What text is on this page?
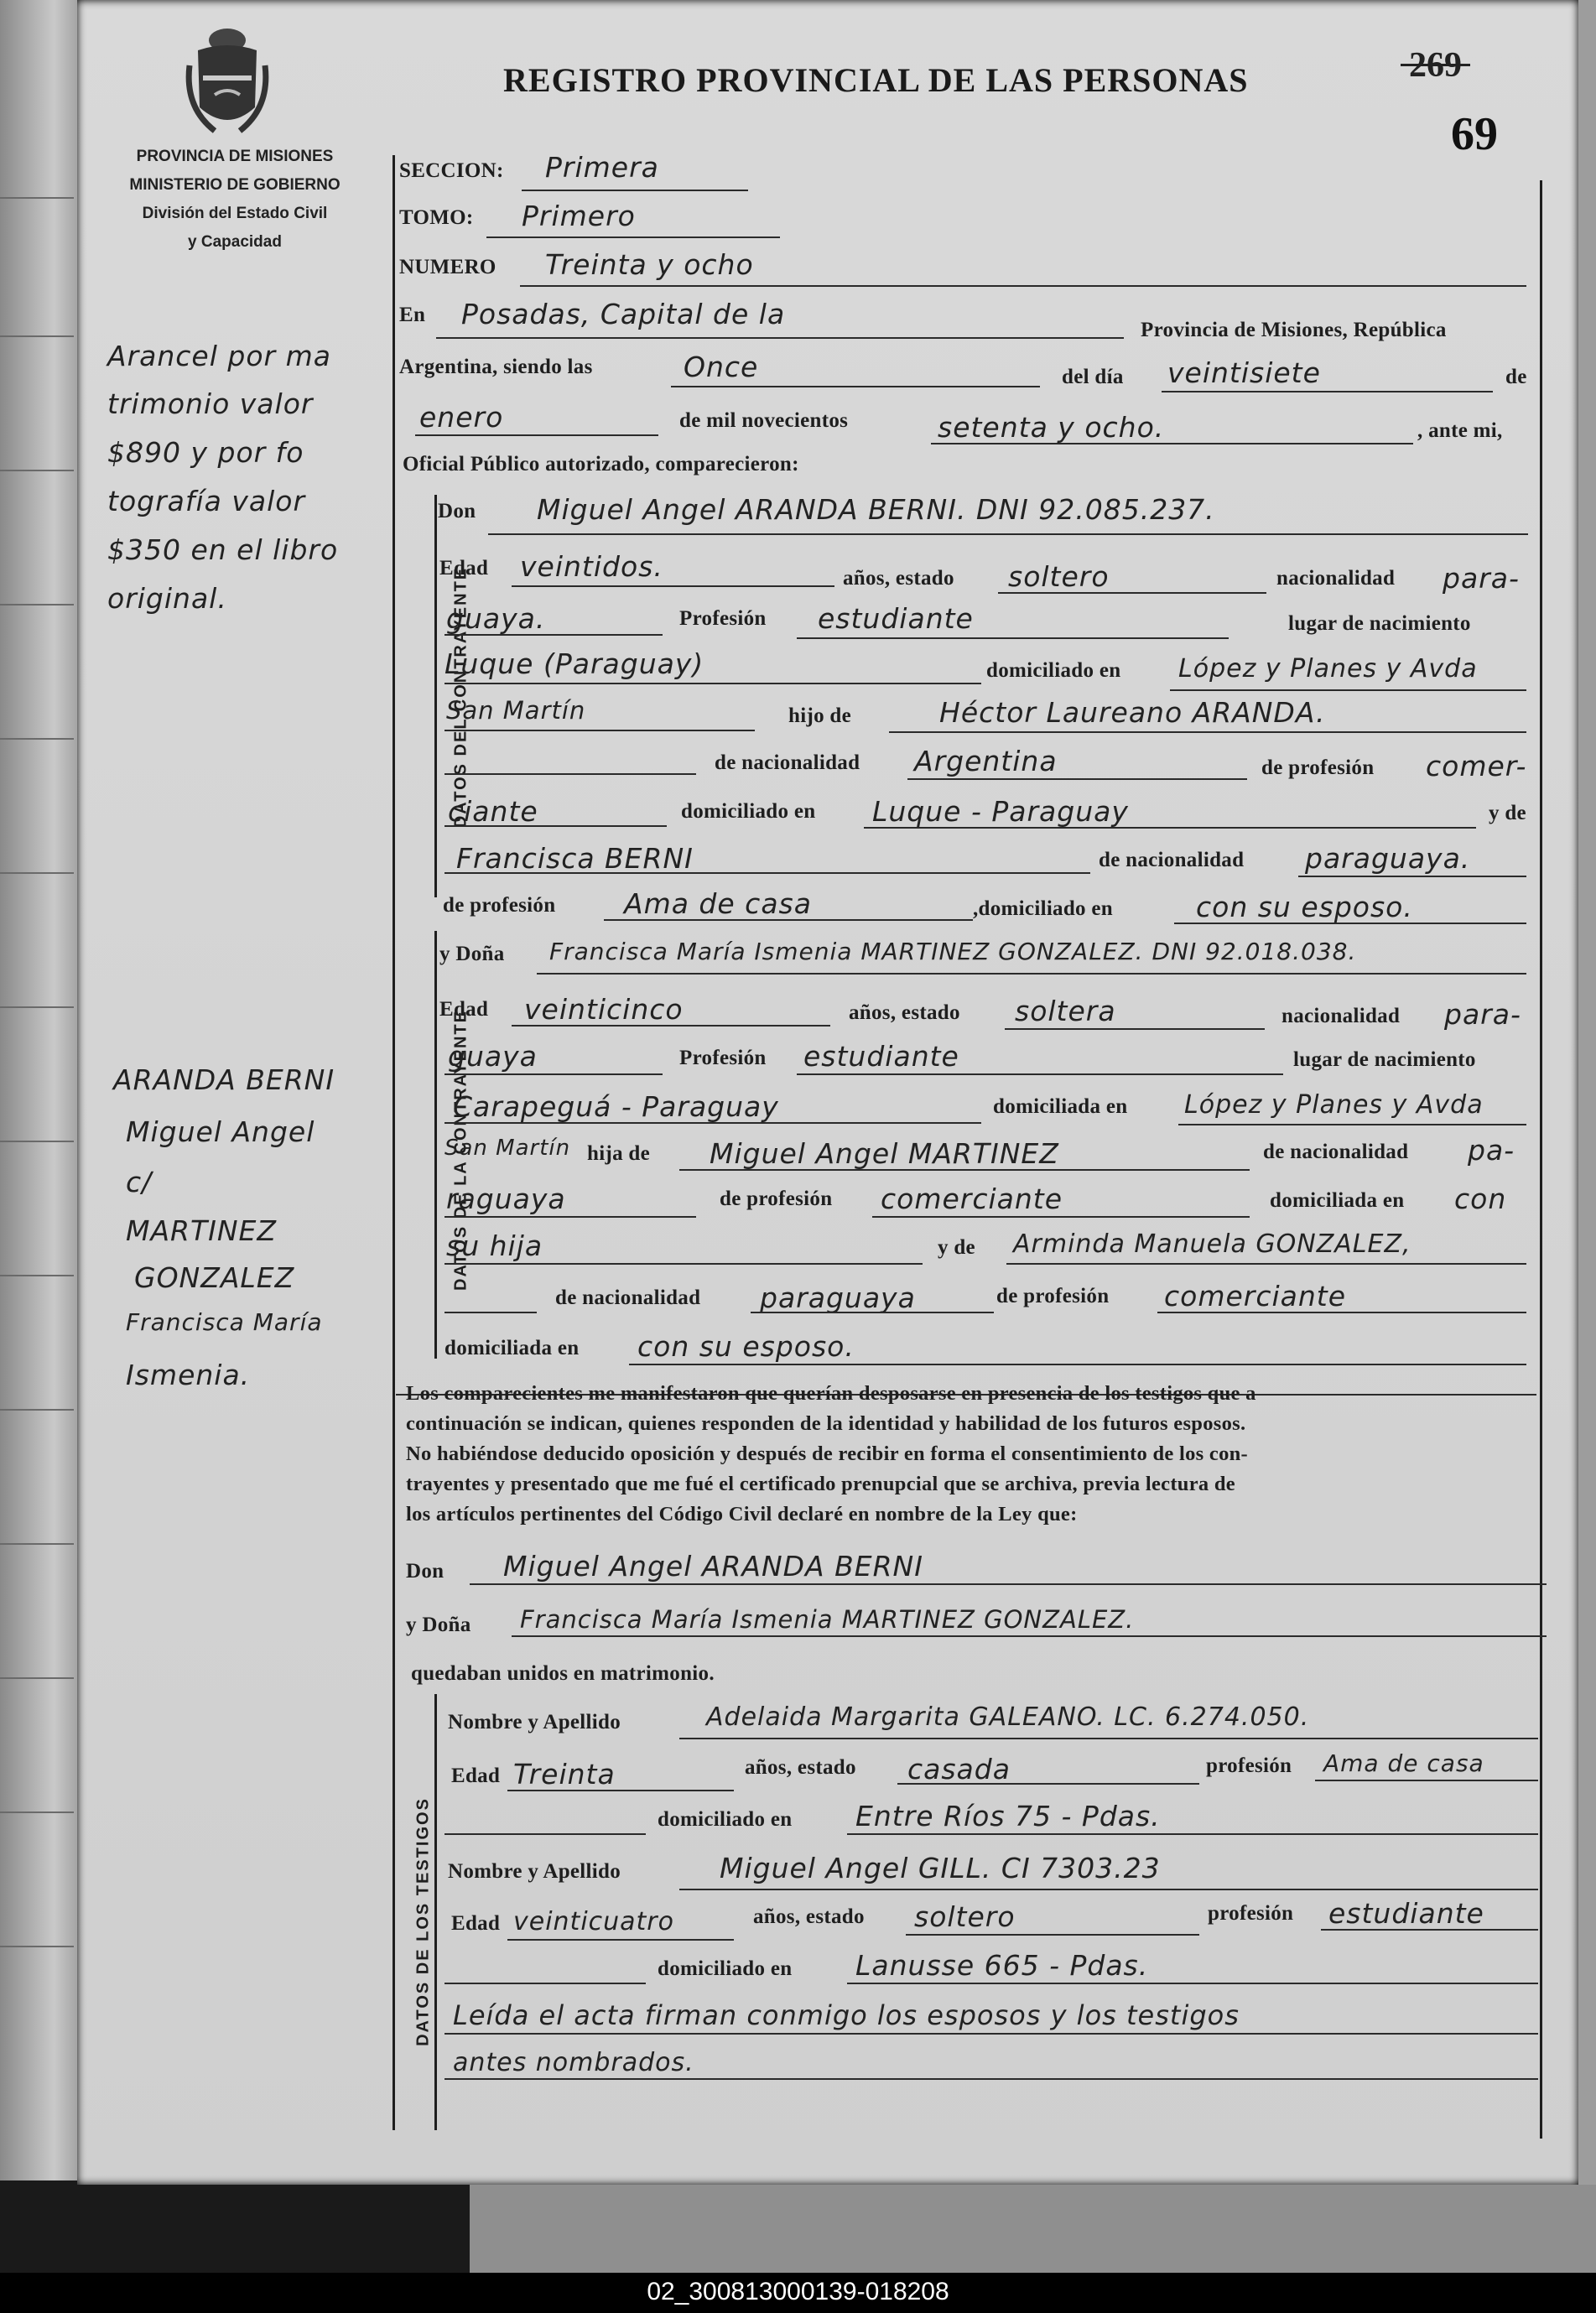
PROVINCIA DE MISIONES
MINISTERIO DE GOBIERNO
División del Estado Civil
y Capacidad
REGISTRO PROVINCIAL DE LAS PERSONAS	269
69
Arancel por ma
trimonio valor
$890 y por fo
tografía valor
$350 en el libro
original.
ARANDA BERNI
Miguel Angel
c/
MARTINEZ
GONZALEZ
Francisca María
Ismenia.
SECCION: Primera
TOMO: Primero
NUMERO Treinta y ocho
En Posadas, Capital de la	Provincia de Misiones, República
Argentina, siendo las	Once	del día veintisiete	de
enero	de mil novecientos	setenta y ocho.	, ante mi,
Oficial Público autorizado, comparecieron:
DATOS DEL CONTRAYENTE
Don Miguel Angel ARANDA BERNI. DNI 92.085.237.
Edad veintidos.	años, estado soltero	nacionalidad para-
guaya.	Profesión estudiante	lugar de nacimiento
Luque (Paraguay)	domiciliado en López y Planes y Avda
San Martín	hijo de	Héctor Laureano ARANDA.
de nacionalidad Argentina	de profesión comer-
ciante	domiciliado en Luque - Paraguay	y de
Francisca BERNI	de nacionalidad paraguaya.
de profesión Ama de casa	,domiciliado en	con su esposo.
DATOS DE LA CONTRAYENTE
y Doña Francisca María Ismenia MARTINEZ GONZALEZ. DNI 92.018.038.
Edad veinticinco	años, estado soltera	nacionalidad para-
guaya	Profesión estudiante	lugar de nacimiento
Carapeguá - Paraguay	domiciliada en López y Planes y Avda
San Martín hija de Miguel Angel MARTINEZ	de nacionalidad pa-
raguaya	de profesión comerciante	domiciliada en con
su hija	y de Arminda Manuela GONZALEZ,
de nacionalidad paraguaya	de profesión comerciante
domiciliada en con su esposo.
Los comparecientes me manifestaron que querían desposarse en presencia de los testigos que a
continuación se indican, quienes responden de la identidad y habilidad de los futuros esposos.
No habiéndose deducido oposición y después de recibir en forma el consentimiento de los con-
trayentes y presentado que me fué el certificado prenupcial que se archiva, previa lectura de
los artículos pertinentes del Código Civil declaré en nombre de la Ley que:
Don Miguel Angel ARANDA BERNI
y Doña Francisca María Ismenia MARTINEZ GONZALEZ.
quedaban unidos en matrimonio.
DATOS DE LOS TESTIGOS
Nombre y Apellido	Adelaida Margarita GALEANO. LC. 6.274.050.
Edad Treinta	años, estado casada	profesión Ama de casa
domiciliado en Entre Ríos 75 - Pdas.
Nombre y Apellido	Miguel Angel GILL. CI 7303.23
Edad veinticuatro	años, estado soltero	profesión estudiante
domiciliado en Lanusse 665 - Pdas.
Leída el acta firman conmigo los esposos y los testigos
antes nombrados.
02_300813000139-018208
